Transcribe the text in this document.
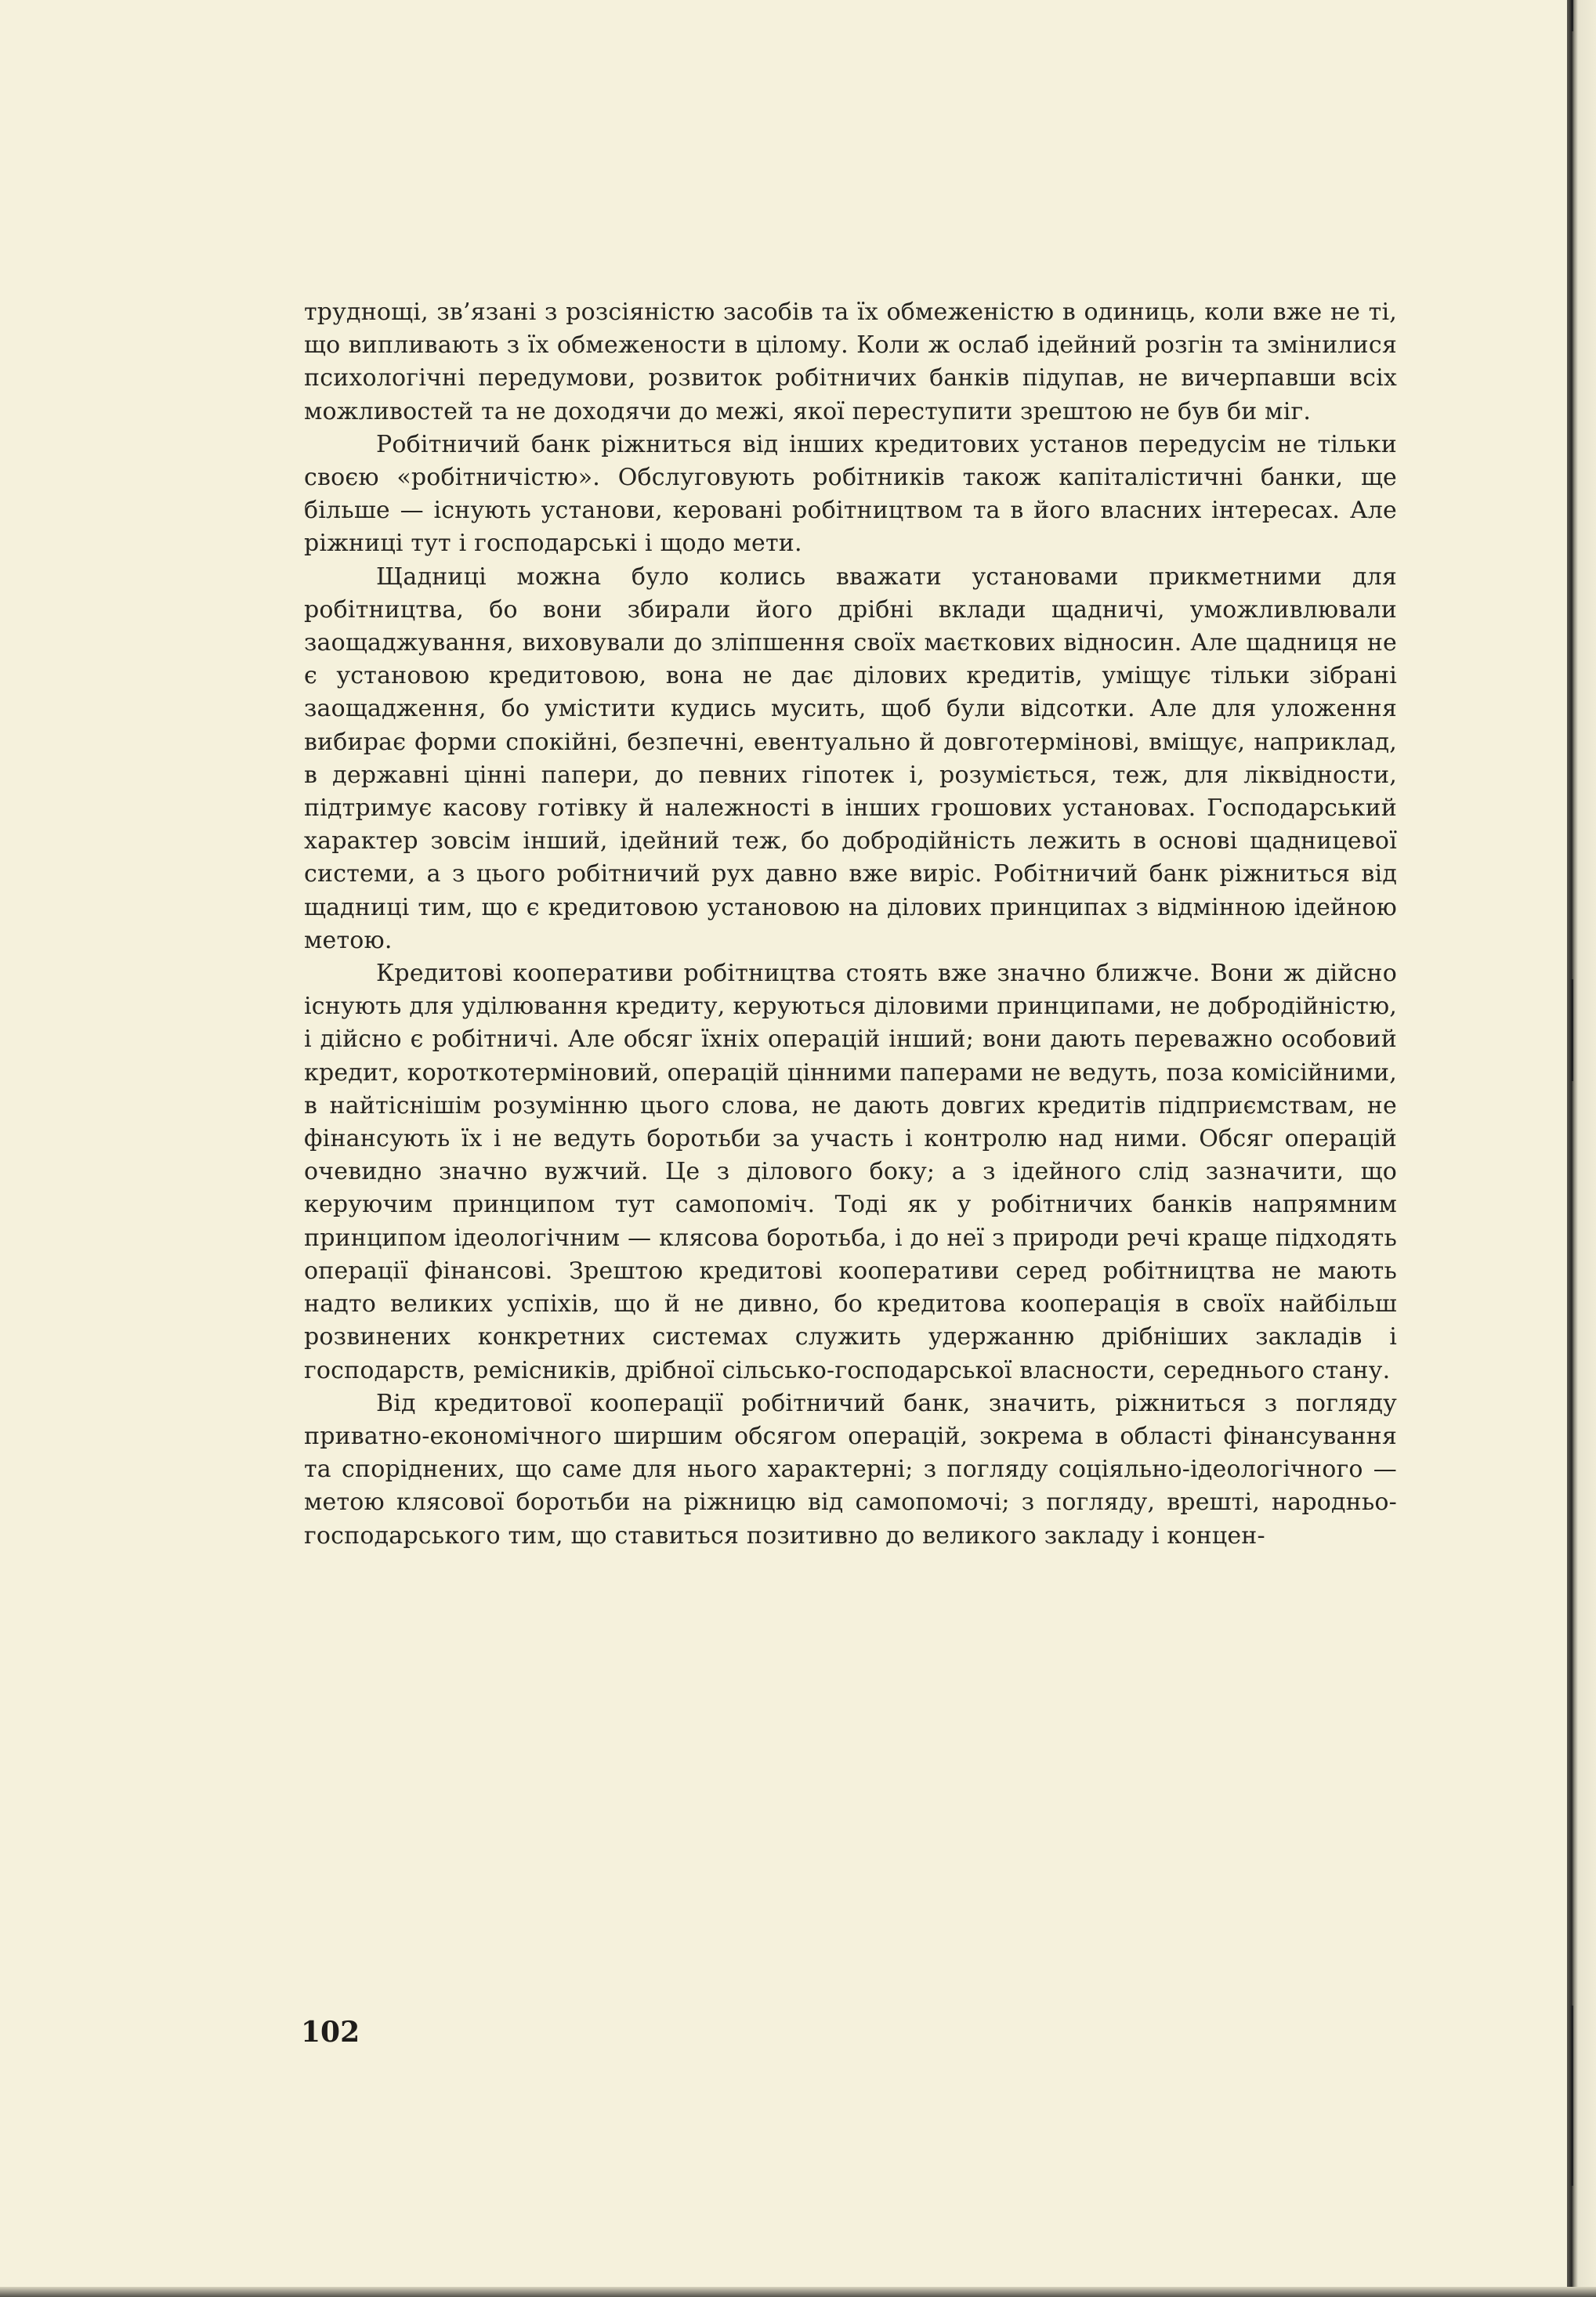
труднощі, зв’язані з розсіяністю засобів та їх обмеженістю в одиниць, коли вже не ті, що випливають з їх обмежености в цілому. Коли ж ослаб ідейний розгін та змінилися психологічні передумови, розвиток робітничих банків підупав, не вичерпавши всіх можливостей та не доходячи до межі, якої переступити зрештою не був би міг.

Робітничий банк ріжниться від інших кредитових установ передусім не тільки своєю «робітничістю». Обслуговують робітників також капіталістичні банки, ще більше — існують установи, керовані робітництвом та в його власних інтересах. Але ріжниці тут і господарські і щодо мети.

Щадниці можна було колись вважати установами прикметними для робітництва, бо вони збирали його дрібні вклади щадничі, уможливлювали заощаджування, виховували до зліпшення своїх маєткових відносин. Але щадниця не є установою кредитовою, вона не дає ділових кредитів, уміщує тільки зібрані заощадження, бо умістити кудись мусить, щоб були відсотки. Але для уложення вибирає форми спокійні, безпечні, евентуально й довготермінові, вміщує, наприклад, в державні цінні папери, до певних гіпотек і, розуміється, теж, для ліквідности, підтримує касову готівку й належності в інших грошових установах. Господарський характер зовсім інший, ідейний теж, бо добродійність лежить в основі щадницевої системи, а з цього робітничий рух давно вже виріс. Робітничий банк ріжниться від щадниці тим, що є кредитовою установою на ділових принципах з відмінною ідейною метою.

Кредитові кооперативи робітництва стоять вже значно ближче. Вони ж дійсно існують для уділювання кредиту, керуються діловими принципами, не добродійністю, і дійсно є робітничі. Але обсяг їхніх операцій інший; вони дають переважно особовий кредит, короткотерміновий, операцій цінними паперами не ведуть, поза комісійними, в найтіснішім розумінню цього слова, не дають довгих кредитів підприємствам, не фінансують їх і не ведуть боротьби за участь і контролю над ними. Обсяг операцій очевидно значно вужчий. Це з ділового боку; а з ідейного слід зазначити, що керуючим принципом тут самопоміч. Тоді як у робітничих банків напрямним принципом ідеологічним — клясова боротьба, і до неї з природи речі краще підходять операції фінансові. Зрештою кредитові кооперативи серед робітництва не мають надто великих успіхів, що й не дивно, бо кредитова кооперація в своїх найбільш розвинених конкретних системах служить удержанню дрібніших закладів і господарств, ремісників, дрібної сільсько-господарської власности, середнього стану.

Від кредитової кооперації робітничий банк, значить, ріжниться з погляду приватно-економічного ширшим обсягом операцій, зокрема в області фінансування та споріднених, що саме для нього характерні; з погляду соціяльно-ідеологічного — метою клясової боротьби на ріжницю від самопомочі; з погляду, врешті, народньо-господарського тим, що ставиться позитивно до великого закладу і концен-

102
